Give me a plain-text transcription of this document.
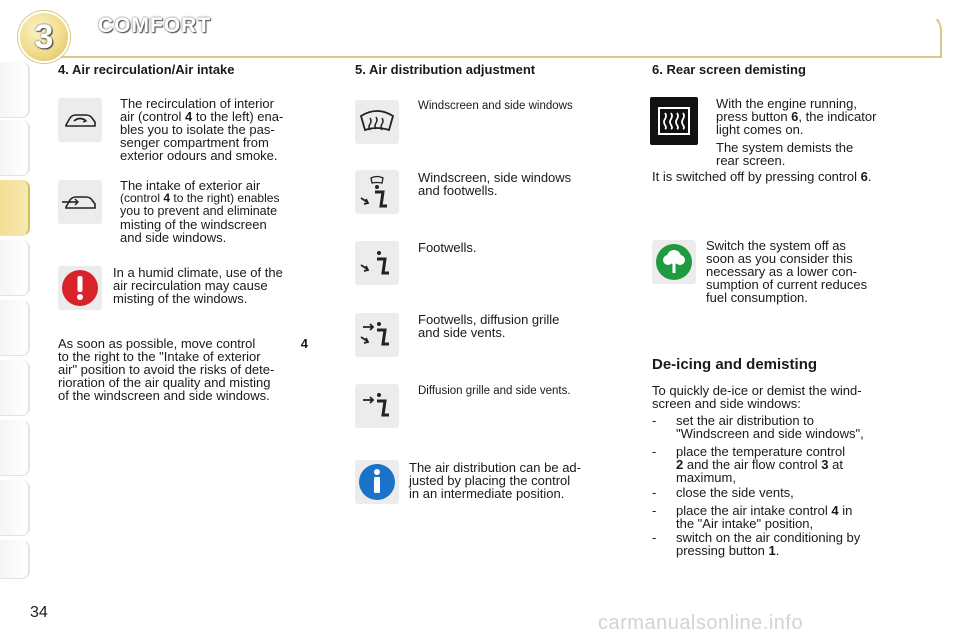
3	COMFORT
4. Air recirculation/Air intake
The recirculation of interior
air (control 4 to the left) ena-
bles you to isolate the pas-
senger compartment from
exterior odours and smoke.
The intake of exterior air
(control 4 to the right) enables
you to prevent and eliminate
misting of the windscreen
and side windows.
In a humid climate, use of the
air recirculation may cause
misting of the windows.
As soon as possible, move control	4
to the right to the "Intake of exterior
air" position to avoid the risks of dete-
rioration of the air quality and misting
of the windscreen and side windows.
5. Air distribution adjustment
Windscreen and side windows
Windscreen, side windows
and footwells.
Footwells.
Footwells, diffusion grille
and side vents.
Diffusion grille and side vents.
The air distribution can be ad-
justed by placing the control
in an intermediate position.
6. Rear screen demisting
With the engine running,
press button 6, the indicator
light comes on.
The system demists the
rear screen.
It is switched off by pressing control 6.
Switch the system off as
soon as you consider this
necessary as a lower con-
sumption of current reduces
fuel consumption.
De-icing and demisting
To quickly de-ice or demist the wind-
screen and side windows:
- set the air distribution to
"Windscreen and side windows",
- place the temperature control
2 and the air flow control 3 at
maximum,
- close the side vents,
- place the air intake control 4 in
the "Air intake" position,
- switch on the air conditioning by
pressing button 1.
34	carmanualsonline.info
